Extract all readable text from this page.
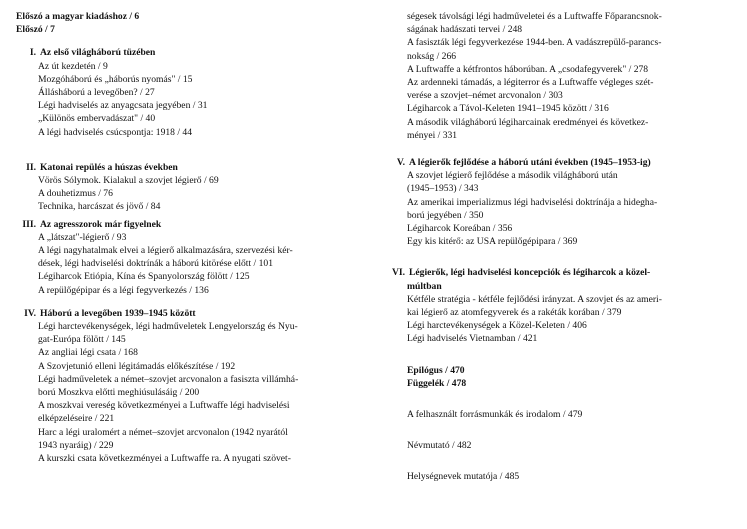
Előszó a magyar kiadáshoz / 6
Előszó / 7
I. Az első világháború tüzében
Az út kezdetén / 9
Mozgóháború és „háborús nyomás" / 15
Állásháború a levegőben? / 27
Légi hadviselés az anyagcsata jegyében / 31
„Különös embervadászat" / 40
A légi hadviselés csúcspontja: 1918 / 44
II. Katonai repülés a húszas években
Vörös Sólymok. Kialakul a szovjet légierő / 69
A douhetizmus / 76
Technika, harcászat és jövő / 84
III. Az agresszorok már figyelnek
A „látszat"-légierő / 93
A légi nagyhatalmak elvei a légierő alkalmazására, szervezési kér-
dések, légi hadviselési doktrínák a háború kitörése előtt / 101
Légiharcok Etiópia, Kína és Spanyolország fölött / 125
A repülőgépipar és a légi fegyverkezés / 136
IV. Háború a levegőben 1939–1945 között
Légi harctevékenységek, légi hadműveletek Lengyelország és Nyu-
gat-Európa fölött / 145
Az angliai légi csata / 168
A Szovjetunió elleni légitámadás előkészítése / 192
Légi hadműveletek a német–szovjet arcvonalon a fasiszta villámhá-
ború Moszkva előtti meghiúsulásáig / 200
A moszkvai vereség következményei a Luftwaffe légi hadviselési
elképzeléseire / 221
Harc a légi uralomért a német–szovjet arcvonalon (1942 nyarától
1943 nyaráig) / 229
A kurszki csata következményei a Luftwaffe ra. A nyugati szövet-
ségesek távolsági légi hadműveletei és a Luftwaffe Főparancsnok-
ságának hadászati tervei / 248
A fasiszták légi fegyverkezése 1944-ben. A vadászrepülő-parancs-
nokság / 266
A Luftwaffe a kétfrontos háborúban. A „csodafegyverek" / 278
Az ardenneki támadás, a légiterror és a Luftwaffe végleges szét-
verése a szovjet–német arcvonalon / 303
Légiharcok a Távol-Keleten 1941–1945 között / 316
A második világháború légiharcainak eredményei és következ-
ményei / 331
V. A légierők fejlődése a háború utáni években (1945–1953-ig)
A szovjet légierő fejlődése a második világháború után
(1945–1953) / 343
Az amerikai imperializmus légi hadviselési doktrínája a hidegha-
ború jegyében / 350
Légiharcok Koreában / 356
Egy kis kitérő: az USA repülőgépipara / 369
VI. Légierők, légi hadviselési koncepciók és légiharcok a közel-
múltban
Kétféle stratégia - kétféle fejlődési irányzat. A szovjet és az ameri-
kai légierő az atomfegyverek és a rakéták korában / 379
Légi harctevékenységek a Közel-Keleten / 406
Légi hadviselés Vietnamban / 421
Epilógus / 470
Függelék / 478
A felhasznált forrásmunkák és irodalom / 479
Névmutató / 482
Helységnevek mutatója / 485
